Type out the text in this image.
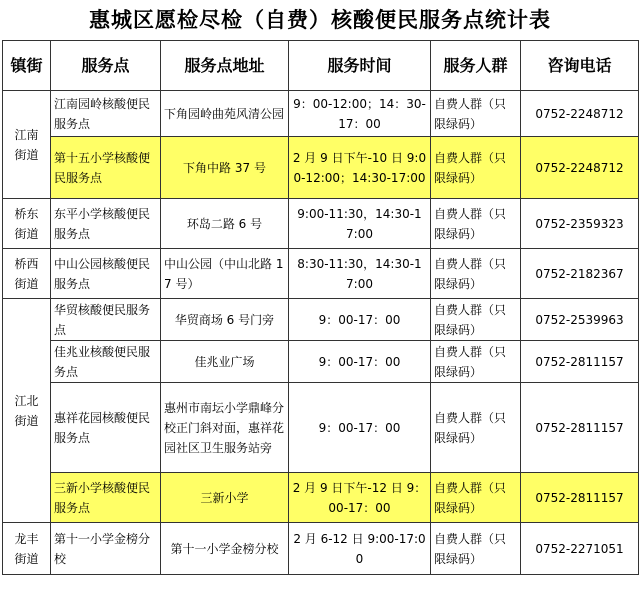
惠城区愿检尽检（自费）核酸便民服务点统计表
镇街	服务点	服务点地址	服务时间	服务人群	咨询电话
江南街道	江南园岭核酸便民服务点	下角园岭曲苑风清公园	9：00-12:00；14：30-17：00	自费人群（只限绿码）	0752-2248712
	第十五小学核酸便民服务点	下角中路 37 号	2 月 9 日下午-10 日 9:00-12:00；14:30-17:00	自费人群（只限绿码）	0752-2248712
桥东街道	东平小学核酸便民服务点	环岛二路 6 号	9:00-11:30，14:30-17:00	自费人群（只限绿码）	0752-2359323
桥西街道	中山公园核酸便民服务点	中山公园（中山北路 17 号）	8:30-11:30，14:30-17:00	自费人群（只限绿码）	0752-2182367
江北街道	华贸核酸便民服务点	华贸商场 6 号门旁	9：00-17：00	自费人群（只限绿码）	0752-2539963
	佳兆业核酸便民服务点	佳兆业广场	9：00-17：00	自费人群（只限绿码）	0752-2811157
	惠祥花园核酸便民服务点	惠州市南坛小学鼎峰分校正门斜对面，惠祥花园社区卫生服务站旁	9：00-17：00	自费人群（只限绿码）	0752-2811157
	三新小学核酸便民服务点	三新小学	2 月 9 日下午-12 日 9：00-17：00	自费人群（只限绿码）	0752-2811157
龙丰街道	第十一小学金榜分校	第十一小学金榜分校	2 月 6-12 日 9:00-17:00	自费人群（只限绿码）	0752-2271051
